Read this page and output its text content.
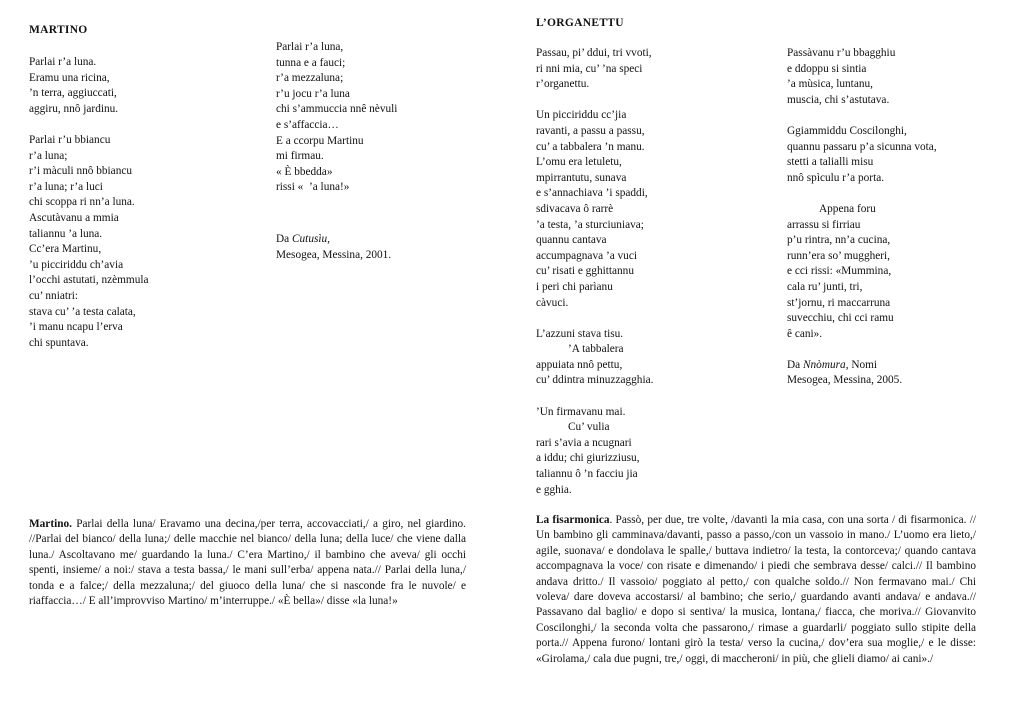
MARTINO
Parlai r’a luna.
Eramu una ricina,
’n terra, aggiuccati,
aggiru, nnô jardinu.
Parlai r’u bbiancu
r’a luna;
r’i màculi nnô bbiancu
r’a luna; r’a luci
chi scoppa ri nn’a luna.
Ascutàvanu a mmia
taliannu ’a luna.
Cc’era Martinu,
’u picciriddu ch’avia
l’occhi astutati, nzèmmula
cu’ nniatri:
stava cu’ ’a testa calata,
’i manu ncapu l’erva
chi spuntava.
Parlai r’a luna,
tunna e a fauci;
r’a mezzaluna;
r’u jocu r’a luna
chi s’ammuccia nnê nèvuli
e s’affaccia…
E a ccorpu Martinu
mi firmau.
« È bbedda»
rissi «  ’a luna!»
Da Cutusìu,
Mesogea, Messina, 2001.
Martino. Parlai della luna/ Eravamo una decina,/per terra, accovacciati,/ a giro, nel giardino. //Parlai del bianco/ della luna;/ delle macchie nel bianco/ della luna; della luce/ che viene dalla luna./ Ascoltavano me/ guardando la luna./ C’era Martino,/ il bambino che aveva/ gli occhi spenti, insieme/ a noi:/ stava a testa bassa,/ le mani sull’erba/ appena nata.// Parlai della luna,/ tonda e a falce;/ della mezzaluna;/ del giuoco della luna/ che si nasconde fra le nuvole/ e riaffaccia…/ E all’improvviso Martino/ m’interruppe./ «È bella»/ disse «la luna!»
L’ORGANETTU
Passau, pi’ ddui, tri vvoti,
ri nni mia, cu’ ’na speci
r’organettu.
Un picciriddu cc’jia
ravanti, a passu a passu,
cu’ a tabbalera ’n manu.
L’omu era letuletu,
mpirrantutu, sunava
e s’annachiava ’i spaddi,
sdivacava ô rarrè
’a testa, ’a sturciuniava;
quannu cantava
accumpagnava ’a vuci
cu’ risati e gghittannu
i peri chi parìanu
càvuci.
L’azzuni stava tisu.
’A tabbalera
appuiata nnô pettu,
cu’ ddintra minuzzagghia.
’Un firmavanu mai.
Cu’ vulia
rari s’avia a ncugnari
a iddu; chi giurizziusu,
taliannu ô ’n facciu jia
e gghia.
Passàvanu r’u bbagghiu
e ddoppu si sintia
’a mùsica, luntanu,
muscia, chi s’astutava.
Ggiammiddu Coscilonghi,
quannu passaru p’a sicunna vota,
stetti a talialli misu
nnô spìculu r’a porta.
Appena foru
arrassu si firriau
p’u rintra, nn’a cucina,
runn’era so’ muggheri,
e cci rissi: «Mummina,
cala ru’ junti, tri,
st’jornu, ri maccarruna
suvecchiu, chi cci ramu
ê cani».
Da Nnòmura, Nomi
Mesogea, Messina, 2005.
La fisarmonica. Passò, per due, tre volte, /davanti la mia casa, con una sorta / di fisarmonica. // Un bambino gli camminava/davanti, passo a passo,/con un vassoio in mano./ L’uomo era lieto,/ agile, suonava/ e dondolava le spalle,/ buttava indietro/ la testa, la contorceva;/ quando cantava accompagnava la voce/ con risate e dimenando/ i piedi che sembrava desse/ calci.// Il bambino andava dritto./ Il vassoio/ poggiato al petto,/ con qualche soldo.// Non fermavano mai./ Chi voleva/ dare doveva accostarsi/ al bambino; che serio,/ guardando avanti andava/ e andava.// Passavano dal baglio/ e dopo si sentiva/ la musica, lontana,/ fiacca, che moriva.// Giovanvito Coscilonghi,/ la seconda volta che passarono,/ rimase a guardarli/ poggiato sullo stipite della porta.// Appena furono/ lontani girò la testa/ verso la cucina,/ dov’era sua moglie,/ e le disse: «Girolama,/ cala due pugni, tre,/ oggi, di maccheroni/ in più, che glieli diamo/ ai cani»./
